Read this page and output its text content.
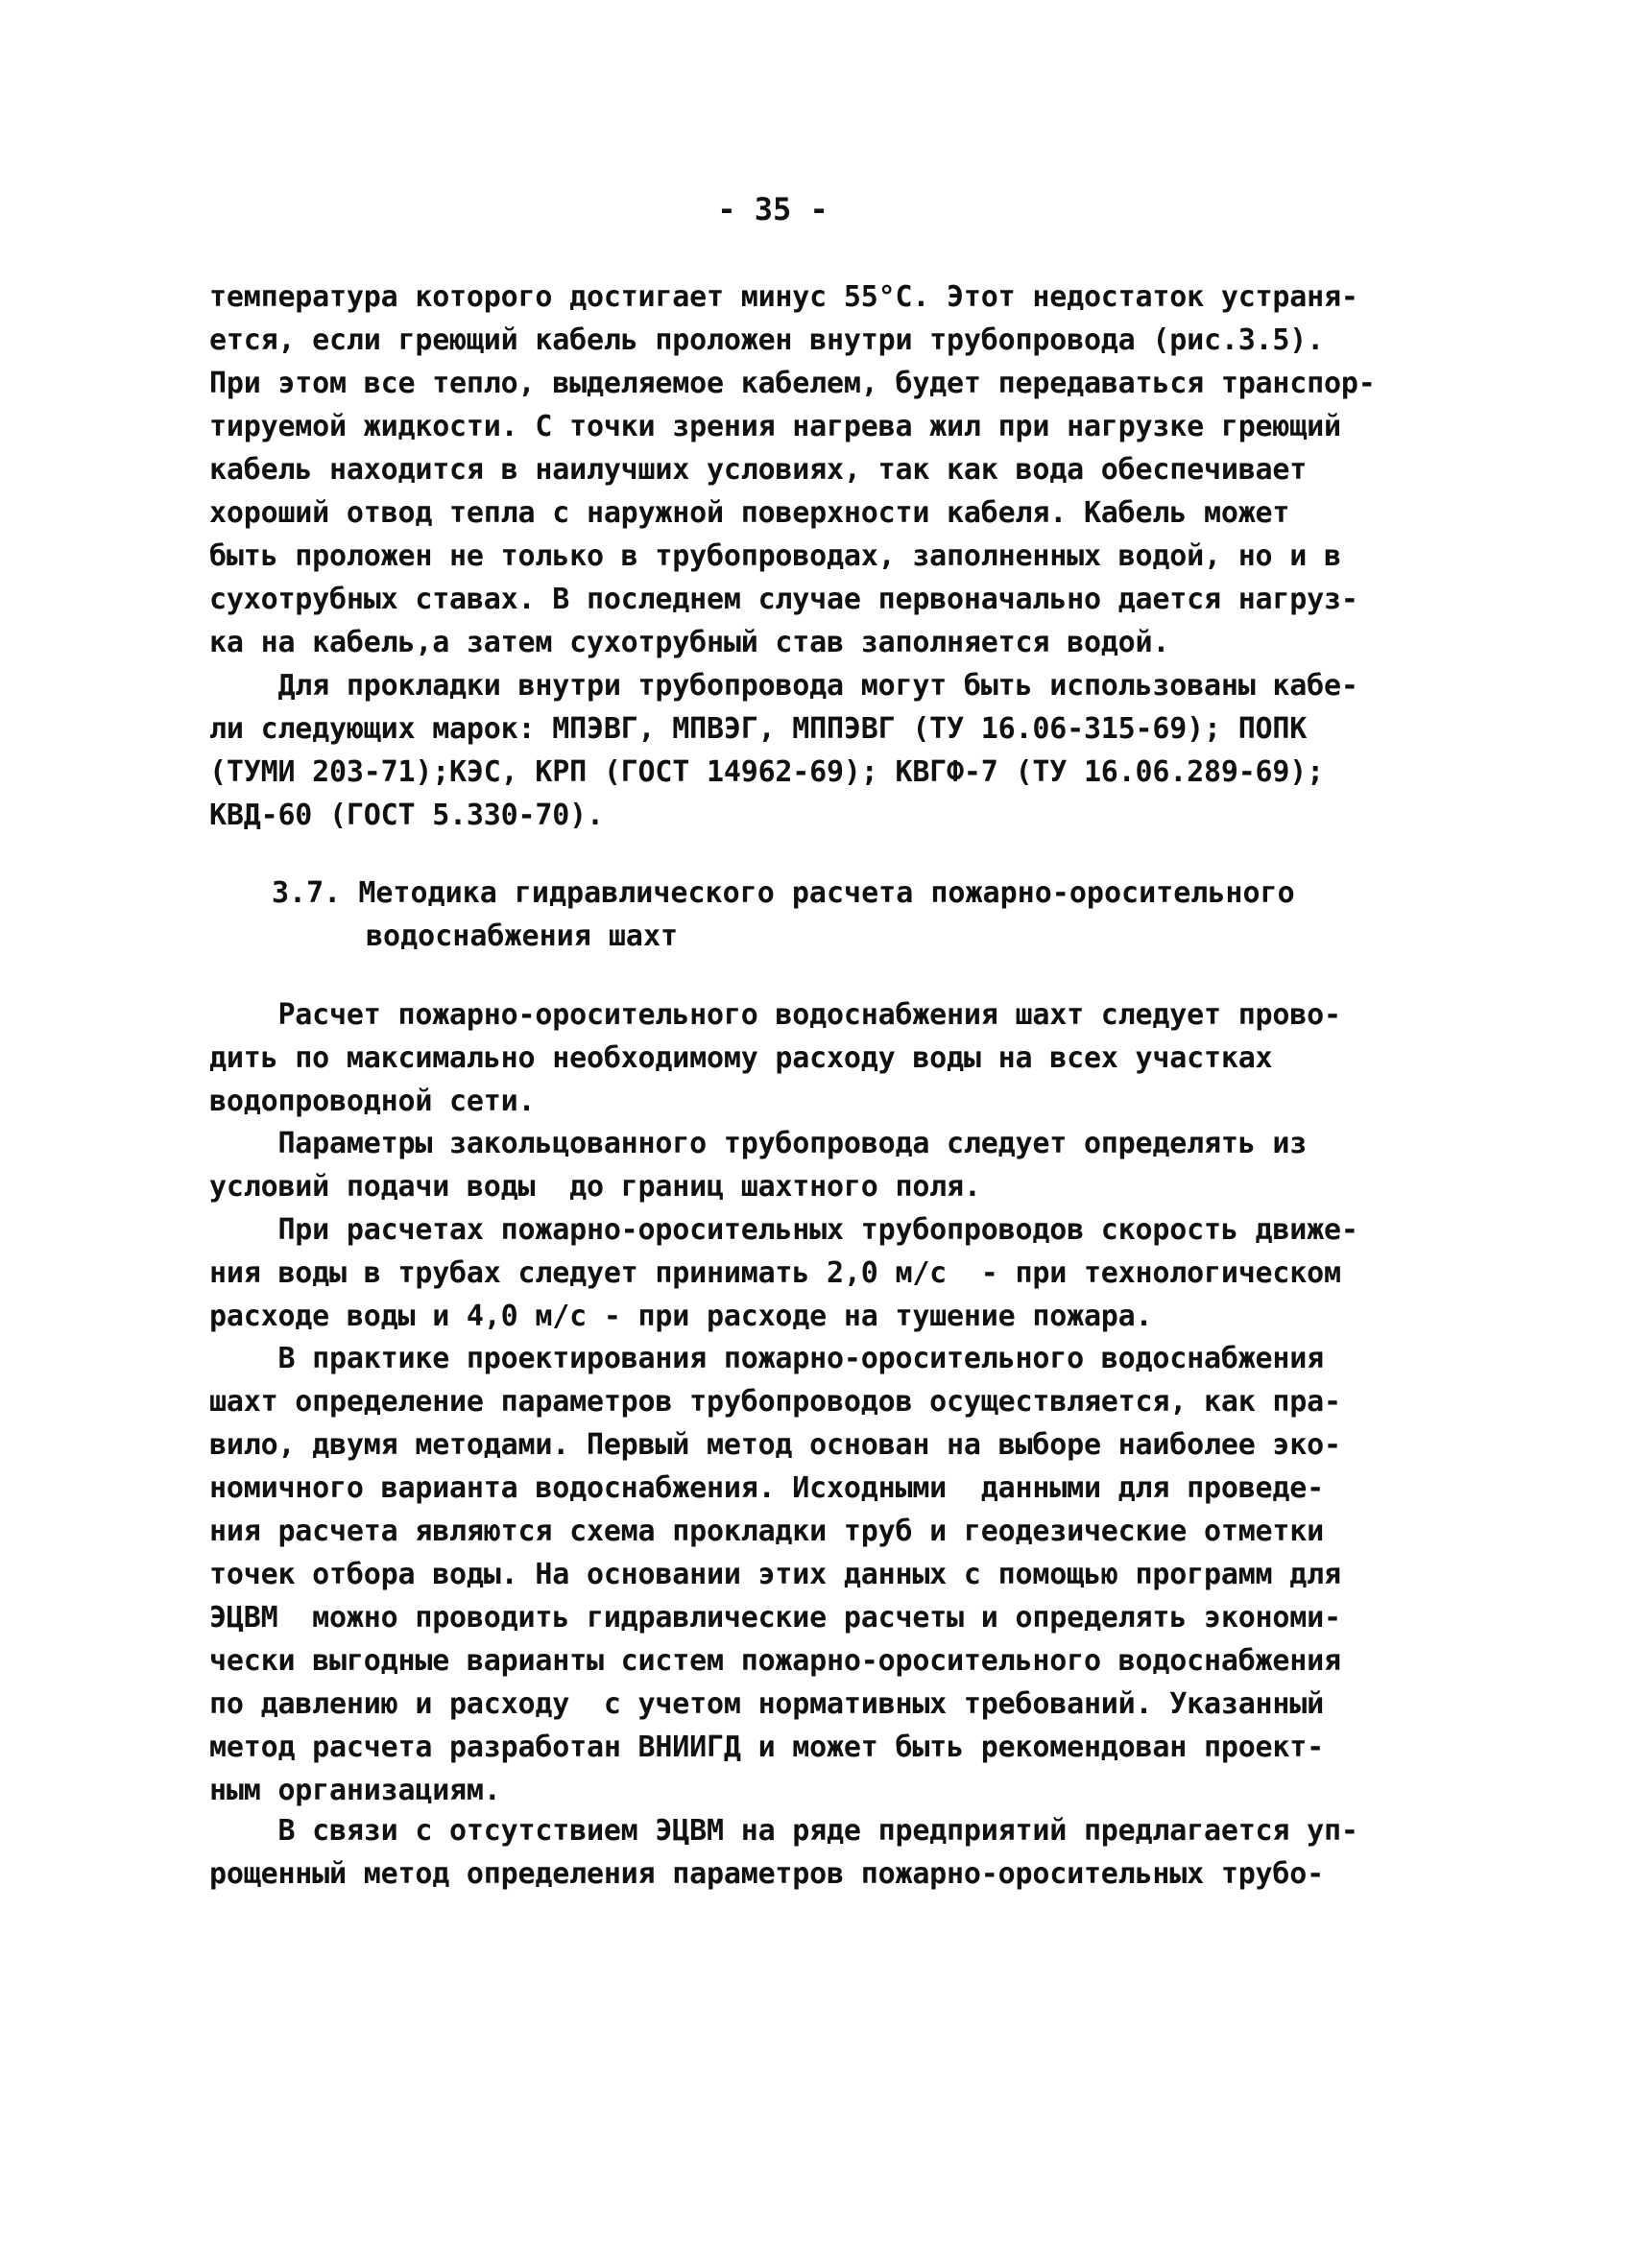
- 35 -
температура которого достигает минус 55°С. Этот недостаток устраня-
ется, если греющий кабель проложен внутри трубопровода (рис.3.5).
При этом все тепло, выделяемое кабелем, будет передаваться транспор-
тируемой жидкости. С точки зрения нагрева жил при нагрузке греющий
кабель находится в наилучших условиях, так как вода обеспечивает
хороший отвод тепла с наружной поверхности кабеля. Кабель может
быть проложен не только в трубопроводах, заполненных водой, но и в
сухотрубных ставах. В последнем случае первоначально дается нагруз-
ка на кабель,а затем сухотрубный став заполняется водой.
Для прокладки внутри трубопровода могут быть использованы кабе-
ли следующих марок: МПЭВГ, МПВЭГ, МППЭВГ (ТУ 16.06-315-69); ПОПК
(ТУМИ 203-71);КЭС, КРП (ГОСТ 14962-69); КВГФ-7 (ТУ 16.06.289-69);
КВД-60 (ГОСТ 5.330-70).
3.7. Методика гидравлического расчета пожарно-оросительного
водоснабжения шахт
Расчет пожарно-оросительного водоснабжения шахт следует прово-
дить по максимально необходимому расходу воды на всех участках
водопроводной сети.
Параметры закольцованного трубопровода следует определять из
условий подачи воды  до границ шахтного поля.
При расчетах пожарно-оросительных трубопроводов скорость движе-
ния воды в трубах следует принимать 2,0 м/с  - при технологическом
расходе воды и 4,0 м/с - при расходе на тушение пожара.
В практике проектирования пожарно-оросительного водоснабжения
шахт определение параметров трубопроводов осуществляется, как пра-
вило, двумя методами. Первый метод основан на выборе наиболее эко-
номичного варианта водоснабжения. Исходными  данными для проведе-
ния расчета являются схема прокладки труб и геодезические отметки
точек отбора воды. На основании этих данных с помощью программ для
ЭЦВМ  можно проводить гидравлические расчеты и определять экономи-
чески выгодные варианты систем пожарно-оросительного водоснабжения
по давлению и расходу  с учетом нормативных требований. Указанный
метод расчета разработан ВНИИГД и может быть рекомендован проект-
ным организациям.
В связи с отсутствием ЭЦВМ на ряде предприятий предлагается уп-
рощенный метод определения параметров пожарно-оросительных трубо-
